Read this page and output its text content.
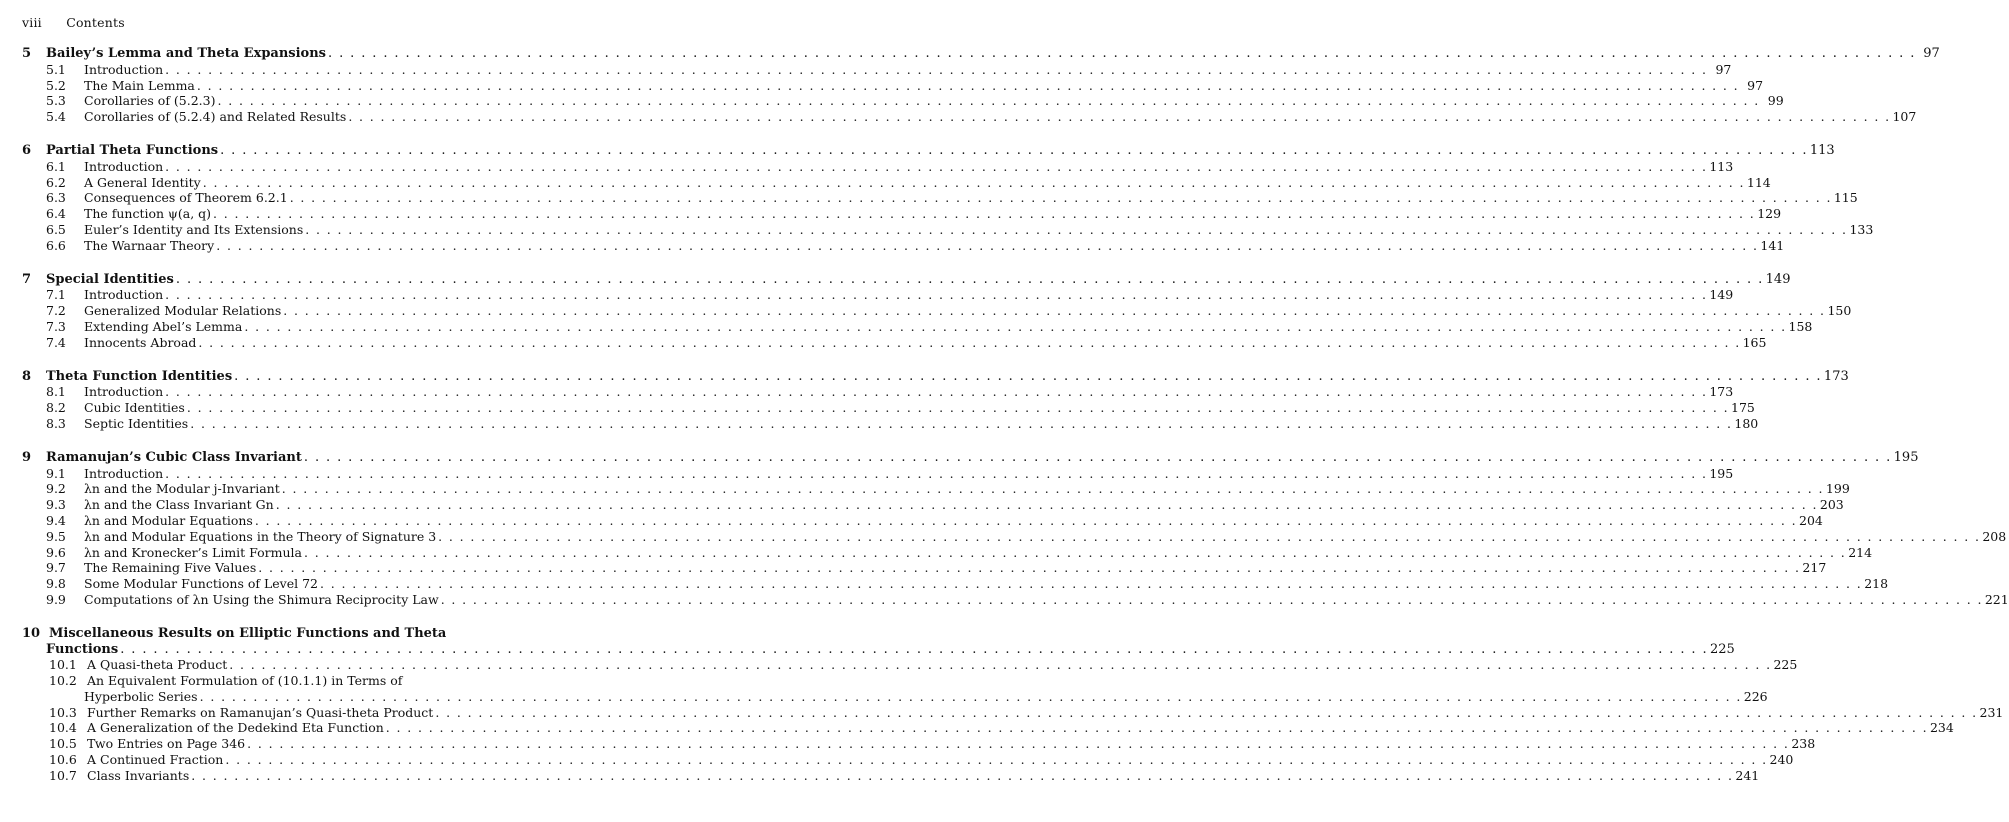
viii Contents
5	Bailey’s Lemma and Theta Expansions . . .	97
5.1	Introduction . . .	97
5.2	The Main Lemma . . .	97
5.3	Corollaries of (5.2.3) . . .	99
5.4	Corollaries of (5.2.4) and Related Results . . .	107
6	Partial Theta Functions . . .	113
6.1	Introduction . . .	113
6.2	A General Identity . . .	114
6.3	Consequences of Theorem 6.2.1 . . .	115
6.4	The function ψ(a, q) . . .	129
6.5	Euler’s Identity and Its Extensions . . .	133
6.6	The Warnaar Theory . . .	141
7	Special Identities . . .	149
7.1	Introduction . . .	149
7.2	Generalized Modular Relations . . .	150
7.3	Extending Abel’s Lemma . . .	158
7.4	Innocents Abroad . . .	165
8	Theta Function Identities . . .	173
8.1	Introduction . . .	173
8.2	Cubic Identities . . .	175
8.3	Septic Identities . . .	180
9	Ramanujan’s Cubic Class Invariant . . .	195
9.1	Introduction . . .	195
9.2	λn and the Modular j-Invariant . . .	199
9.3	λn and the Class Invariant Gn . . .	203
9.4	λn and Modular Equations . . .	204
9.5	λn and Modular Equations in the Theory of Signature 3 . . .	208
9.6	λn and Kronecker’s Limit Formula . . .	214
9.7	The Remaining Five Values . . .	217
9.8	Some Modular Functions of Level 72 . . .	218
9.9	Computations of λn Using the Shimura Reciprocity Law . . .	221
10 Miscellaneous Results on Elliptic Functions and Theta
Functions . . .	225
10.1 A Quasi-theta Product . . .	225
10.2 An Equivalent Formulation of (10.1.1) in Terms of
Hyperbolic Series . . .	226
10.3 Further Remarks on Ramanujan’s Quasi-theta Product . . .	231
10.4 A Generalization of the Dedekind Eta Function . . .	234
10.5 Two Entries on Page 346 . . .	238
10.6 A Continued Fraction . . .	240
10.7 Class Invariants . . .	241
